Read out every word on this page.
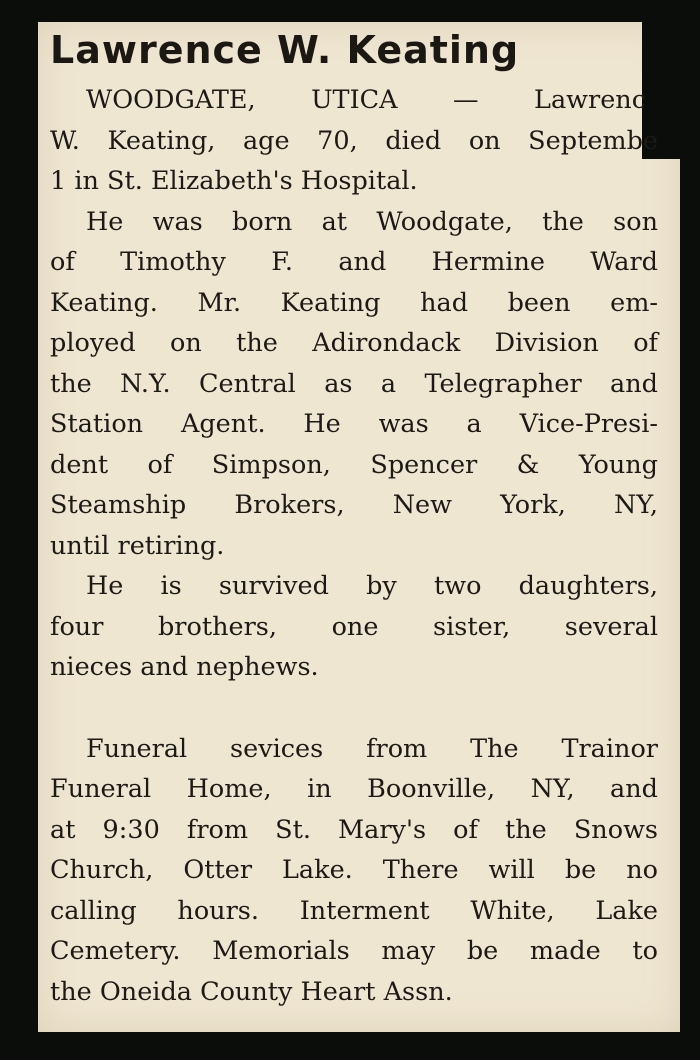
Lawrence W. Keating

WOODGATE, UTICA — Lawrenc
W. Keating, age 70, died on Septembe
1 in St. Elizabeth's Hospital.

He was born at Woodgate, the son
of Timothy F. and Hermine Ward
Keating. Mr. Keating had been em-
ployed on the Adirondack Division of
the N.Y. Central as a Telegrapher and
Station Agent. He was a Vice-Presi-
dent of Simpson, Spencer & Young
Steamship Brokers, New York, NY,
until retiring.

He is survived by two daughters,
four brothers, one sister, several
nieces and nephews.

Funeral sevices from The Trainor
Funeral Home, in Boonville, NY, and
at 9:30 from St. Mary's of the Snows
Church, Otter Lake. There will be no
calling hours. Interment White, Lake
Cemetery. Memorials may be made to
the Oneida County Heart Assn.
